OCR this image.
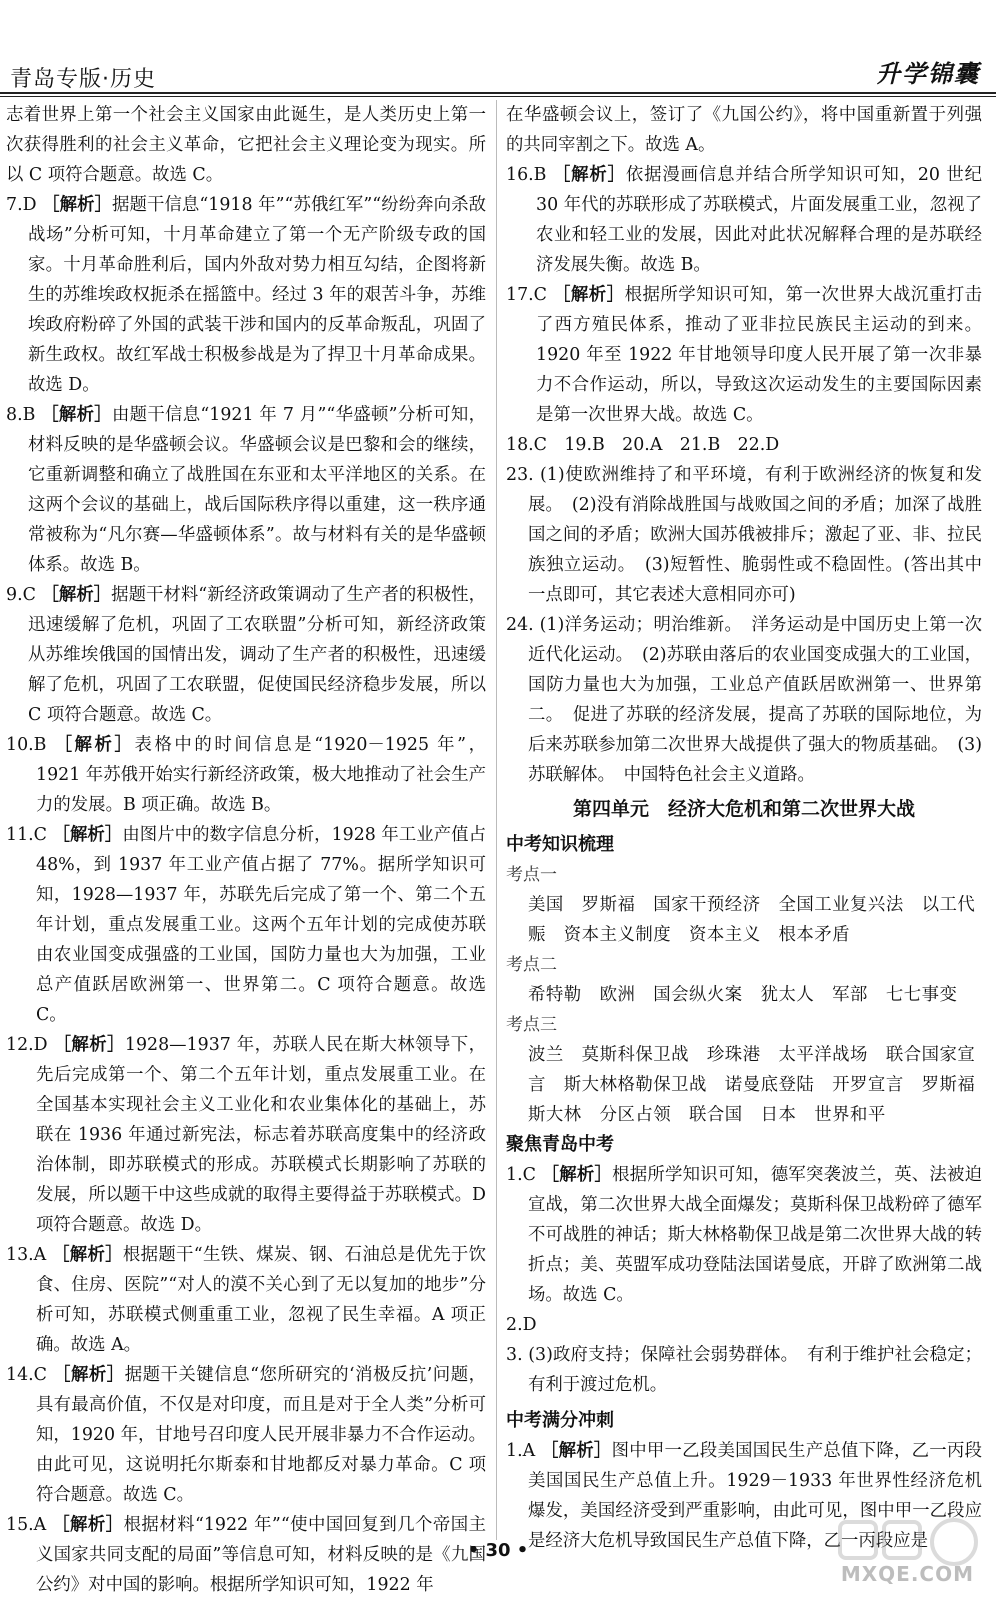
青岛专版·历史	升学锦囊

志着世界上第一个社会主义国家由此诞生，是人类历史上第一次获得胜利的社会主义革命，它把社会主义理论变为现实。所以 C 项符合题意。故选 C。

7.D ［解析］据题干信息“1918 年”“苏俄红军”“纷纷奔向杀敌战场”分析可知，十月革命建立了第一个无产阶级专政的国家。十月革命胜利后，国内外敌对势力相互勾结，企图将新生的苏维埃政权扼杀在摇篮中。经过 3 年的艰苦斗争，苏维埃政府粉碎了外国的武装干涉和国内的反革命叛乱，巩固了新生政权。故红军战士积极参战是为了捍卫十月革命成果。故选 D。

8.B ［解析］由题干信息“1921 年 7 月”“华盛顿”分析可知，材料反映的是华盛顿会议。华盛顿会议是巴黎和会的继续，它重新调整和确立了战胜国在东亚和太平洋地区的关系。在这两个会议的基础上，战后国际秩序得以重建，这一秩序通常被称为“凡尔赛—华盛顿体系”。故与材料有关的是华盛顿体系。故选 B。

9.C ［解析］据题干材料“新经济政策调动了生产者的积极性，迅速缓解了危机，巩固了工农联盟”分析可知，新经济政策从苏维埃俄国的国情出发，调动了生产者的积极性，迅速缓解了危机，巩固了工农联盟，促使国民经济稳步发展，所以 C 项符合题意。故选 C。

10.B ［解析］表格中的时间信息是“1920－1925 年”，1921 年苏俄开始实行新经济政策，极大地推动了社会生产力的发展。B 项正确。故选 B。

11.C ［解析］由图片中的数字信息分析，1928 年工业产值占 48%，到 1937 年工业产值占据了 77%。据所学知识可知，1928—1937 年，苏联先后完成了第一个、第二个五年计划，重点发展重工业。这两个五年计划的完成使苏联由农业国变成强盛的工业国，国防力量也大为加强，工业总产值跃居欧洲第一、世界第二。C 项符合题意。故选 C。

12.D ［解析］1928—1937 年，苏联人民在斯大林领导下，先后完成第一个、第二个五年计划，重点发展重工业。在全国基本实现社会主义工业化和农业集体化的基础上，苏联在 1936 年通过新宪法，标志着苏联高度集中的经济政治体制，即苏联模式的形成。苏联模式长期影响了苏联的发展，所以题干中这些成就的取得主要得益于苏联模式。D 项符合题意。故选 D。

13.A ［解析］根据题干“生铁、煤炭、钢、石油总是优先于饮食、住房、医院”“对人的漠不关心到了无以复加的地步”分析可知，苏联模式侧重重工业，忽视了民生幸福。A 项正确。故选 A。

14.C ［解析］据题干关键信息“您所研究的‘消极反抗’问题，具有最高价值，不仅是对印度，而且是对于全人类”分析可知，1920 年，甘地号召印度人民开展非暴力不合作运动。由此可见，这说明托尔斯泰和甘地都反对暴力革命。C 项符合题意。故选 C。

15.A ［解析］根据材料“1922 年”“使中国回复到几个帝国主义国家共同支配的局面”等信息可知，材料反映的是《九国公约》对中国的影响。根据所学知识可知，1922 年

在华盛顿会议上，签订了《九国公约》，将中国重新置于列强的共同宰割之下。故选 A。

16.B ［解析］依据漫画信息并结合所学知识可知，20 世纪 30 年代的苏联形成了苏联模式，片面发展重工业，忽视了农业和轻工业的发展，因此对此状况解释合理的是苏联经济发展失衡。故选 B。

17.C ［解析］根据所学知识可知，第一次世界大战沉重打击了西方殖民体系，推动了亚非拉民族民主运动的到来。1920 年至 1922 年甘地领导印度人民开展了第一次非暴力不合作运动，所以，导致这次运动发生的主要国际因素是第一次世界大战。故选 C。

18.C　19.B　20.A　21.B　22.D

23. (1)使欧洲维持了和平环境，有利于欧洲经济的恢复和发展。　(2)没有消除战胜国与战败国之间的矛盾；加深了战胜国之间的矛盾；欧洲大国苏俄被排斥；激起了亚、非、拉民族独立运动。　(3)短暂性、脆弱性或不稳固性。(答出其中一点即可，其它表述大意相同亦可)

24. (1)洋务运动；明治维新。　洋务运动是中国历史上第一次近代化运动。　(2)苏联由落后的农业国变成强大的工业国，国防力量也大为加强，工业总产值跃居欧洲第一、世界第二。　促进了苏联的经济发展，提高了苏联的国际地位，为后来苏联参加第二次世界大战提供了强大的物质基础。　(3)苏联解体。　中国特色社会主义道路。

第四单元　经济大危机和第二次世界大战
中考知识梳理

考点一

美国　罗斯福　国家干预经济　全国工业复兴法　以工代赈　资本主义制度　资本主义　根本矛盾

考点二

希特勒　欧洲　国会纵火案　犹太人　军部　七七事变

考点三

波兰　莫斯科保卫战　珍珠港　太平洋战场　联合国家宣言　斯大林格勒保卫战　诺曼底登陆　开罗宣言　罗斯福　斯大林　分区占领　联合国　日本　世界和平

聚焦青岛中考

1.C ［解析］根据所学知识可知，德军突袭波兰，英、法被迫宣战，第二次世界大战全面爆发；莫斯科保卫战粉碎了德军不可战胜的神话；斯大林格勒保卫战是第二次世界大战的转折点；美、英盟军成功登陆法国诺曼底，开辟了欧洲第二战场。故选 C。

2.D

3. (3)政府支持；保障社会弱势群体。　有利于维护社会稳定；有利于渡过危机。

中考满分冲刺

1.A ［解析］图中甲一乙段美国国民生产总值下降，乙一丙段美国国民生产总值上升。1929－1933 年世界性经济危机爆发，美国经济受到严重影响，由此可见，图中甲一乙段应是经济大危机导致国民生产总值下降，乙一丙段应是

• 30 •
MXQE.COM
